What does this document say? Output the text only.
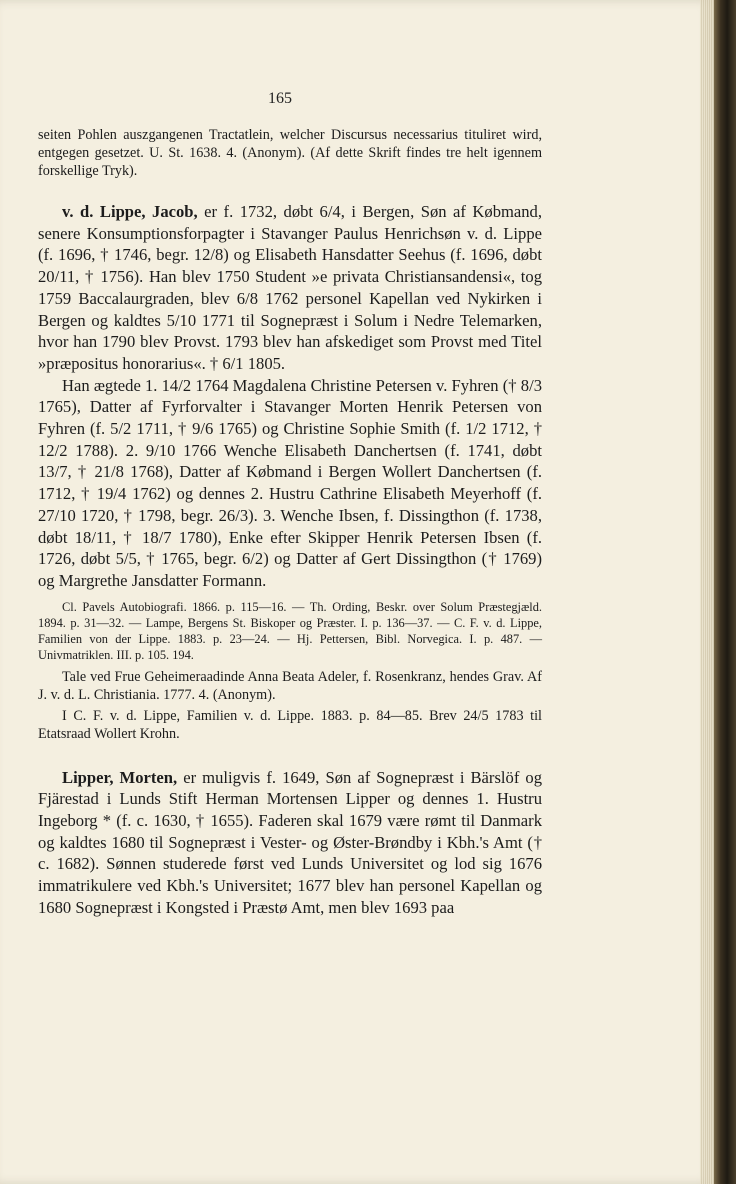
165

seiten Pohlen auszgangenen Tractatlein, welcher Discursus necessarius tituliret wird, entgegen gesetzet. U. St. 1638. 4. (Anonym). (Af dette Skrift findes tre helt igennem forskellige Tryk).

v. d. Lippe, Jacob, er f. 1732, døbt 6/4, i Bergen, Søn af Købmand, senere Konsumptionsforpagter i Stavanger Paulus Henrichsøn v. d. Lippe (f. 1696, † 1746, begr. 12/8) og Elisabeth Hansdatter Seehus (f. 1696, døbt 20/11, † 1756). Han blev 1750 Student »e privata Christiansandensi«, tog 1759 Baccalaurgraden, blev 6/8 1762 personel Kapellan ved Nykirken i Bergen og kaldtes 5/10 1771 til Sognepræst i Solum i Nedre Telemarken, hvor han 1790 blev Provst. 1793 blev han afskediget som Provst med Titel »præpositus honorarius«. † 6/1 1805.

Han ægtede 1. 14/2 1764 Magdalena Christine Petersen v. Fyhren († 8/3 1765), Datter af Fyrforvalter i Stavanger Morten Henrik Petersen von Fyhren (f. 5/2 1711, † 9/6 1765) og Christine Sophie Smith (f. 1/2 1712, † 12/2 1788). 2. 9/10 1766 Wenche Elisabeth Danchertsen (f. 1741, døbt 13/7, † 21/8 1768), Datter af Købmand i Bergen Wollert Danchertsen (f. 1712, † 19/4 1762) og dennes 2. Hustru Cathrine Elisabeth Meyerhoff (f. 27/10 1720, † 1798, begr. 26/3). 3. Wenche Ibsen, f. Dissingthon (f. 1738, døbt 18/11, † 18/7 1780), Enke efter Skipper Henrik Petersen Ibsen (f. 1726, døbt 5/5, † 1765, begr. 6/2) og Datter af Gert Dissingthon († 1769) og Margrethe Jansdatter Formann.

Cl. Pavels Autobiografi. 1866. p. 115—16. — Th. Ording, Beskr. over Solum Præstegjæld. 1894. p. 31—32. — Lampe, Bergens St. Biskoper og Præster. I. p. 136—37. — C. F. v. d. Lippe, Familien von der Lippe. 1883. p. 23—24. — Hj. Pettersen, Bibl. Norvegica. I. p. 487. — Univmatriklen. III. p. 105. 194.

Tale ved Frue Geheimeraadinde Anna Beata Adeler, f. Rosenkranz, hendes Grav. Af J. v. d. L. Christiania. 1777. 4. (Anonym).

I C. F. v. d. Lippe, Familien v. d. Lippe. 1883. p. 84—85. Brev 24/5 1783 til Etatsraad Wollert Krohn.

Lipper, Morten, er muligvis f. 1649, Søn af Sognepræst i Bärslöf og Fjärestad i Lunds Stift Herman Mortensen Lipper og dennes 1. Hustru Ingeborg * (f. c. 1630, † 1655). Faderen skal 1679 være rømt til Danmark og kaldtes 1680 til Sognepræst i Vester- og Øster-Brøndby i Kbh.'s Amt († c. 1682). Sønnen studerede først ved Lunds Universitet og lod sig 1676 immatrikulere ved Kbh.'s Universitet; 1677 blev han personel Kapellan og 1680 Sognepræst i Kongsted i Præstø Amt, men blev 1693 paa
